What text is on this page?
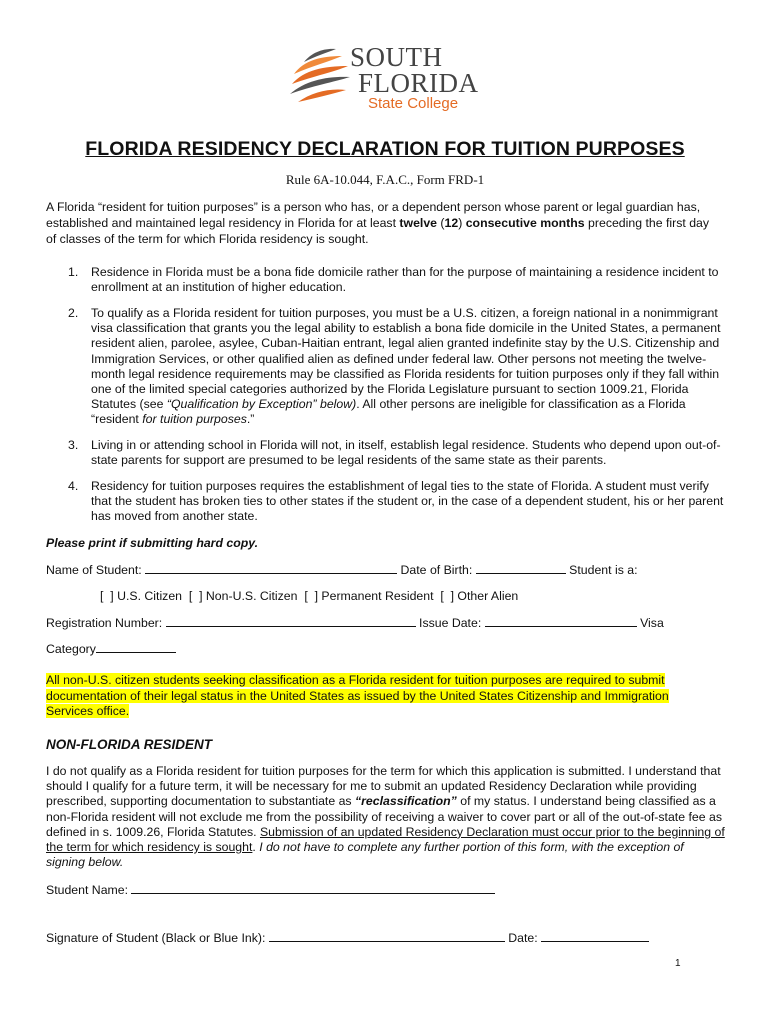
SOUTH
FLORIDA
State College
FLORIDA RESIDENCY DECLARATION FOR TUITION PURPOSES
Rule 6A-10.044, F.A.C., Form FRD-1
A Florida “resident for tuition purposes” is a person who has, or a dependent person whose parent or legal guardian has, established and maintained legal residency in Florida for at least twelve (12) consecutive months preceding the first day of classes of the term for which Florida residency is sought.
1. Residence in Florida must be a bona fide domicile rather than for the purpose of maintaining a residence incident to enrollment at an institution of higher education.
2. To qualify as a Florida resident for tuition purposes, you must be a U.S. citizen, a foreign national in a nonimmigrant visa classification that grants you the legal ability to establish a bona fide domicile in the United States, a permanent resident alien, parolee, asylee, Cuban-Haitian entrant, legal alien granted indefinite stay by the U.S. Citizenship and Immigration Services, or other qualified alien as defined under federal law. Other persons not meeting the twelve-month legal residence requirements may be classified as Florida residents for tuition purposes only if they fall within one of the limited special categories authorized by the Florida Legislature pursuant to section 1009.21, Florida Statutes (see “Qualification by Exception” below). All other persons are ineligible for classification as a Florida “resident for tuition purposes.”
3. Living in or attending school in Florida will not, in itself, establish legal residence. Students who depend upon out-of-state parents for support are presumed to be legal residents of the same state as their parents.
4. Residency for tuition purposes requires the establishment of legal ties to the state of Florida. A student must verify that the student has broken ties to other states if the student or, in the case of a dependent student, his or her parent has moved from another state.
Please print if submitting hard copy.
Name of Student:	Date of Birth:	Student is a:
[  ] U.S. Citizen  [  ] Non-U.S. Citizen  [  ] Permanent Resident  [  ] Other Alien
Registration Number:	Issue Date:	Visa
Category
All non-U.S. citizen students seeking classification as a Florida resident for tuition purposes are required to submit documentation of their legal status in the United States as issued by the United States Citizenship and Immigration Services office.
NON-FLORIDA RESIDENT
I do not qualify as a Florida resident for tuition purposes for the term for which this application is submitted. I understand that should I qualify for a future term, it will be necessary for me to submit an updated Residency Declaration while providing prescribed, supporting documentation to substantiate as “reclassification” of my status. I understand being classified as a non-Florida resident will not exclude me from the possibility of receiving a waiver to cover part or all of the out-of-state fee as defined in s. 1009.26, Florida Statutes. Submission of an updated Residency Declaration must occur prior to the beginning of the term for which residency is sought. I do not have to complete any further portion of this form, with the exception of signing below.
Student Name:
Signature of Student (Black or Blue Ink):	Date:
1
